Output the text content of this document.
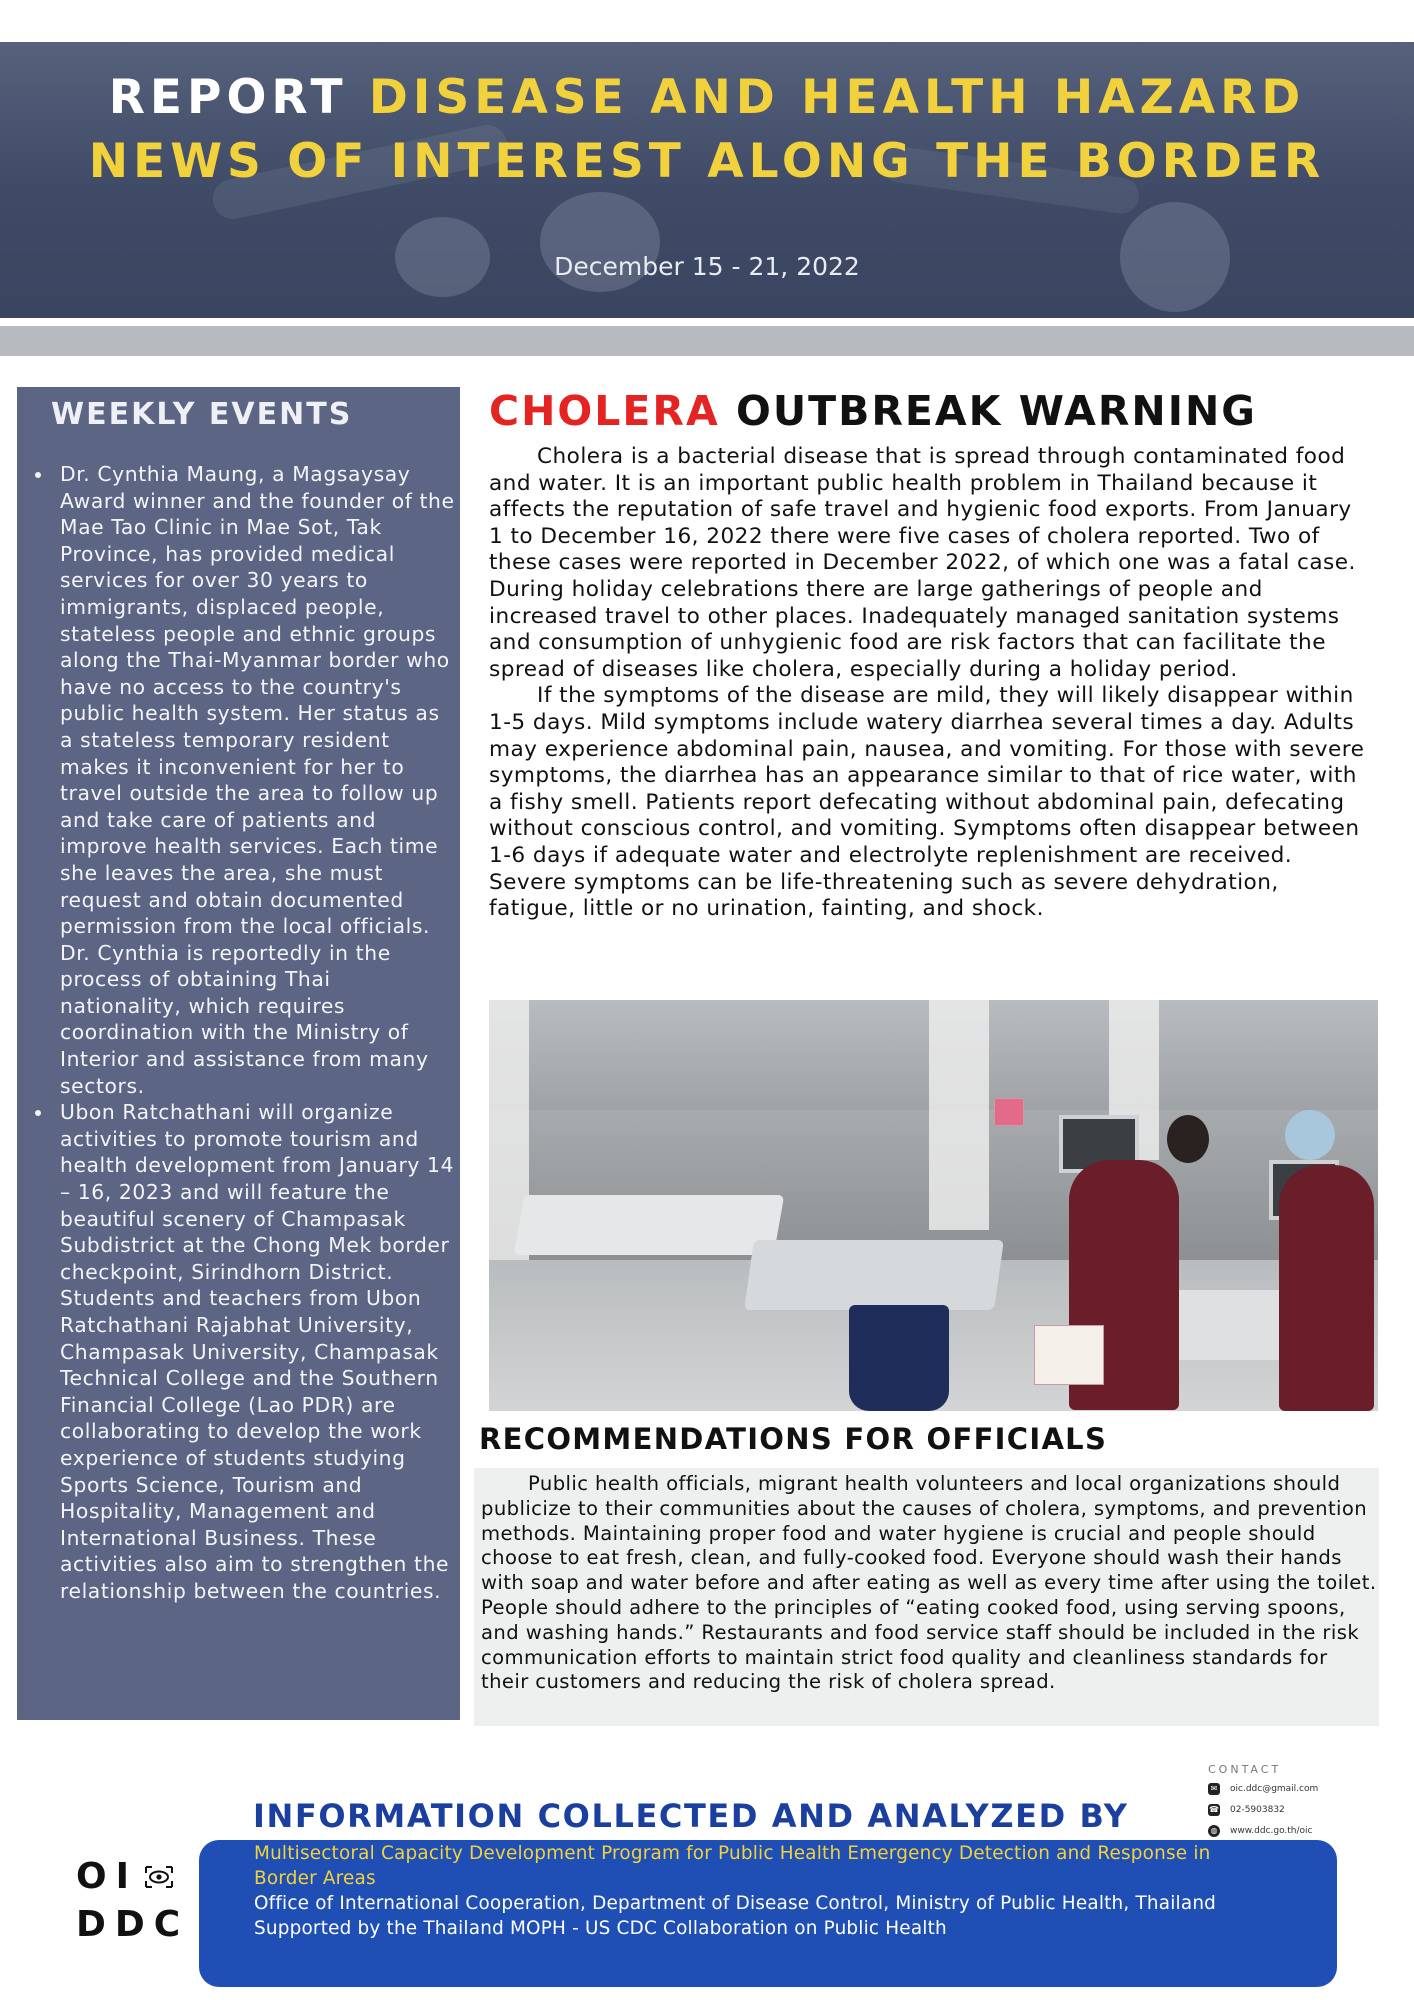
REPORT DISEASE AND HEALTH HAZARD
NEWS OF INTEREST ALONG THE BORDER
December 15 - 21, 2022
WEEKLY EVENTS
Dr. Cynthia Maung, a Magsaysay Award winner and the founder of the Mae Tao Clinic in Mae Sot, Tak Province, has provided medical services for over 30 years to immigrants, displaced people, stateless people and ethnic groups along the Thai-Myanmar border who have no access to the country's public health system. Her status as a stateless temporary resident makes it inconvenient for her to travel outside the area to follow up and take care of patients and improve health services. Each time she leaves the area, she must request and obtain documented permission from the local officials. Dr. Cynthia is reportedly in the process of obtaining Thai nationality, which requires coordination with the Ministry of Interior and assistance from many sectors.
Ubon Ratchathani will organize activities to promote tourism and health development from January 14 – 16, 2023 and will feature the beautiful scenery of Champasak Subdistrict at the Chong Mek border checkpoint, Sirindhorn District. Students and teachers from Ubon Ratchathani Rajabhat University, Champasak University, Champasak Technical College and the Southern Financial College (Lao PDR) are collaborating to develop the work experience of students studying Sports Science, Tourism and Hospitality, Management and International Business. These activities also aim to strengthen the relationship between the countries.
CHOLERA OUTBREAK WARNING

Cholera is a bacterial disease that is spread through contaminated food and water. It is an important public health problem in Thailand because it affects the reputation of safe travel and hygienic food exports. From January 1 to December 16, 2022 there were five cases of cholera reported. Two of these cases were reported in December 2022, of which one was a fatal case. During holiday celebrations there are large gatherings of people and increased travel to other places. Inadequately managed sanitation systems and consumption of unhygienic food are risk factors that can facilitate the spread of diseases like cholera, especially during a holiday period.

If the symptoms of the disease are mild, they will likely disappear within 1-5 days. Mild symptoms include watery diarrhea several times a day. Adults may experience abdominal pain, nausea, and vomiting. For those with severe symptoms, the diarrhea has an appearance similar to that of rice water, with a fishy smell. Patients report defecating without abdominal pain, defecating without conscious control, and vomiting. Symptoms often disappear between 1-6 days if adequate water and electrolyte replenishment are received. Severe symptoms can be life-threatening such as severe dehydration, fatigue, little or no urination, fainting, and shock.

RECOMMENDATIONS FOR OFFICIALS

Public health officials, migrant health volunteers and local organizations should publicize to their communities about the causes of cholera, symptoms, and prevention methods. Maintaining proper food and water hygiene is crucial and people should choose to eat fresh, clean, and fully-cooked food. Everyone should wash their hands with soap and water before and after eating as well as every time after using the toilet. People should adhere to the principles of “eating cooked food, using serving spoons, and washing hands.” Restaurants and food service staff should be included in the risk communication efforts to maintain strict food quality and cleanliness standards for their customers and reducing the risk of cholera spread.

CONTACT
✉ oic.ddc@gmail.com
☎ 02-5903832
◍ www.ddc.go.th/oic
INFORMATION COLLECTED AND ANALYZED BY
Multisectoral Capacity Development Program for Public Health Emergency Detection and Response in
Border Areas
Office of International Cooperation, Department of Disease Control, Ministry of Public Health, Thailand
Supported by the Thailand MOPH - US CDC Collaboration on Public Health
OI
DDC
